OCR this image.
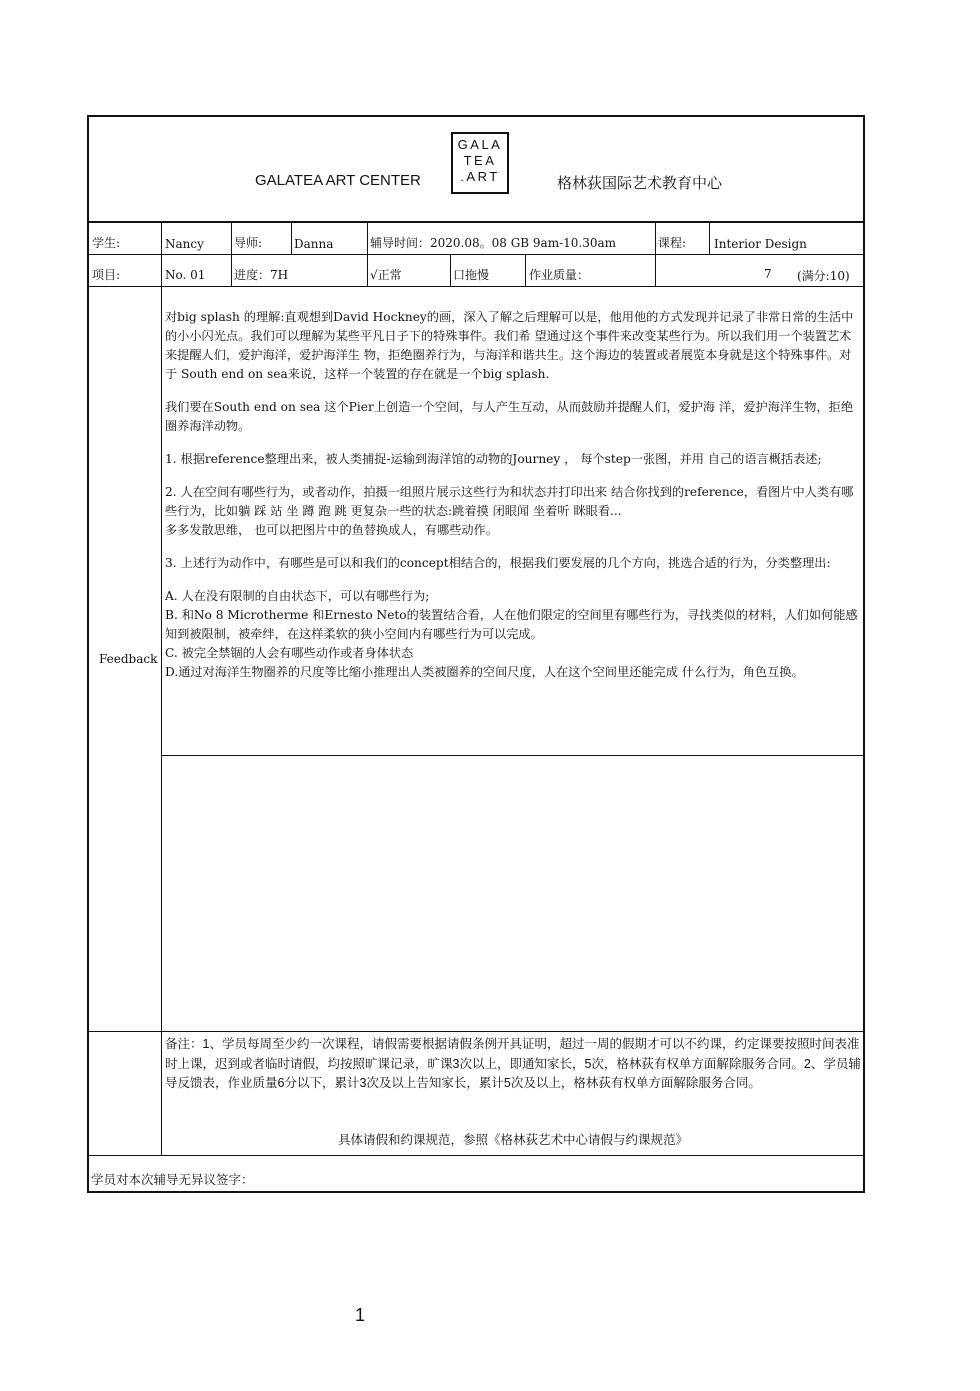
GALATEA ART CENTER
GALA
TEA
.ART	格林荻国际艺术教育中心
学生:	Nancy	导师:	Danna	辅导时间：2020.08。08 GB 9am-10.30am	课程: Interior Design
项目:	No. 01 进度：7H	√正常	口拖慢	作业质量：	7 (满分:10)
Feedback

对big splash 的理解:直观想到David Hockney的画，深入了解之后理解可以是，他用他的方式发现并记录了非常日常的生活中的小小闪光点。我们可以理解为某些平凡日子下的特殊事件。我们希 望通过这个事件来改变某些行为。所以我们用一个装置艺术来提醒人们，爱护海洋，爱护海洋生 物，拒绝圈养行为，与海洋和谐共生。这个海边的装置或者展览本身就是这个特殊事件。对于 South end on sea来说，这样一个装置的存在就是一个big splash.

我们要在South end on sea 这个Pier上创造一个空间，与人产生互动，从而鼓励并提醒人们，爱护海 洋，爱护海洋生物，拒绝圈养海洋动物。

1. 根据reference整理出来，被人类捕捉-运输到海洋馆的动物的Journey ， 每个step一张图，并用 自己的语言概括表述;

2. 人在空间有哪些行为，或者动作，拍摄一组照片展示这些行为和状态并打印出来 结合你找到的reference，看图片中人类有哪些行为，比如躺 踩 站 坐 蹲 跑 跳 更复杂一些的状态:跳着摸 闭眼闻 坐着听 眯眼看...

多多发散思维， 也可以把图片中的鱼替换成人，有哪些动作。

3. 上述行为动作中，有哪些是可以和我们的concept相结合的，根据我们要发展的几个方向，挑选合适的行为，分类整理出:

A. 人在没有限制的自由状态下，可以有哪些行为;

B. 和No 8 Microtherme 和Ernesto Neto的装置结合看，人在他们限定的空间里有哪些行为，寻找类似的材料，人们如何能感知到被限制，被牵绊，在这样柔软的狭小空间内有哪些行为可以完成。

C. 被完全禁锢的人会有哪些动作或者身体状态

D.通过对海洋生物圈养的尺度等比缩小推理出人类被圈养的空间尺度，人在这个空间里还能完成 什么行为，角色互换。

备注：1、学员每周至少约一次课程，请假需要根据请假条例开具证明，超过一周的假期才可以不约课，约定课要按照时间表准时上课，迟到或者临时请假，均按照旷课记录，旷课3次以上，即通知家长，5次，格林荻有权单方面解除服务合同。2、学员辅导反馈表，作业质量6分以下，累计3次及以上告知家长，累计5次及以上，格林荻有权单方面解除服务合同。
具体请假和约课规范，参照《格林荻艺术中心请假与约课规范》
学员对本次辅导无异议签字：
1
